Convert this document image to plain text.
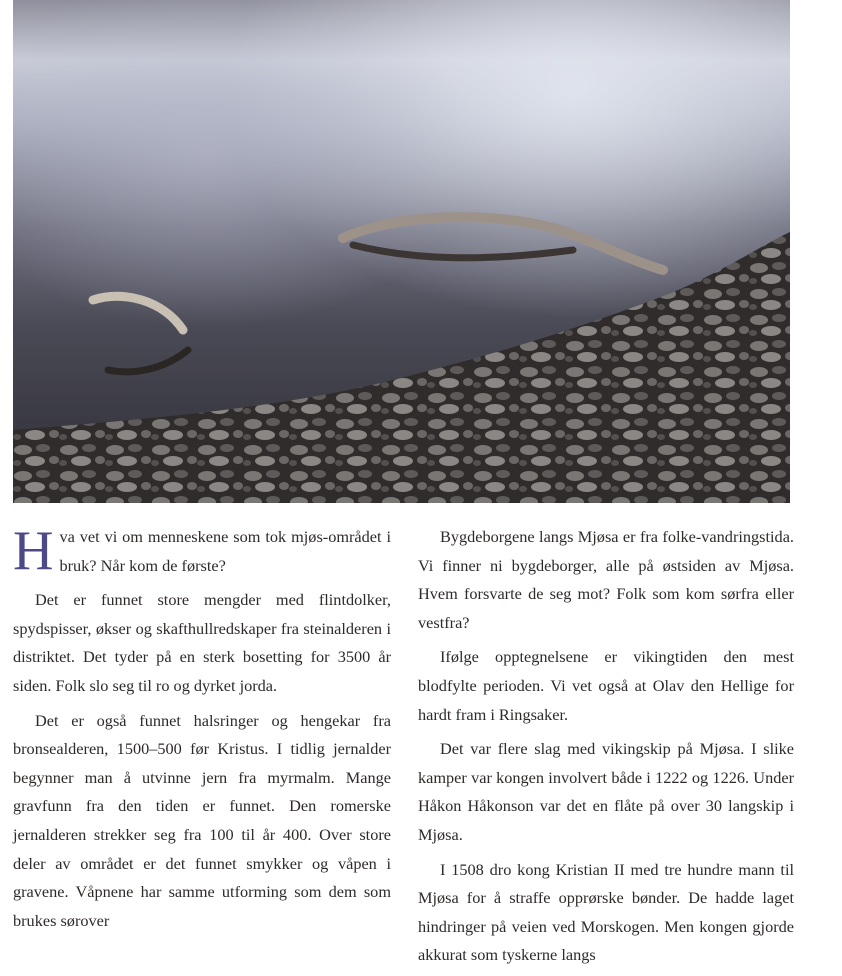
Hva vet vi om menneskene som tok mjøs-området i bruk? Når kom de første?

Det er funnet store mengder med flintdolker, spydspisser, økser og skafthullredskaper fra steinalderen i distriktet. Det tyder på en sterk bosetting for 3500 år siden. Folk slo seg til ro og dyrket jorda.

Det er også funnet halsringer og hengekar fra bronsealderen, 1500–500 før Kristus. I tidlig jernalder begynner man å utvinne jern fra myrmalm. Mange gravfunn fra den tiden er funnet. Den romerske jernalderen strekker seg fra 100 til år 400. Over store deler av området er det funnet smykker og våpen i gravene. Våpnene har samme utforming som dem som brukes sørover

Bygdeborgene langs Mjøsa er fra folke-vandringstida. Vi finner ni bygdeborger, alle på østsiden av Mjøsa. Hvem forsvarte de seg mot? Folk som kom sørfra eller vestfra?

Ifølge opptegnelsene er vikingtiden den mest blodfylte perioden. Vi vet også at Olav den Hellige for hardt fram i Ringsaker.

Det var flere slag med vikingskip på Mjøsa. I slike kamper var kongen involvert både i 1222 og 1226. Under Håkon Håkonson var det en flåte på over 30 langskip i Mjøsa.

I 1508 dro kong Kristian II med tre hundre mann til Mjøsa for å straffe opprørske bønder. De hadde laget hindringer på veien ved Morskogen. Men kongen gjorde akkurat som tyskerne langs
